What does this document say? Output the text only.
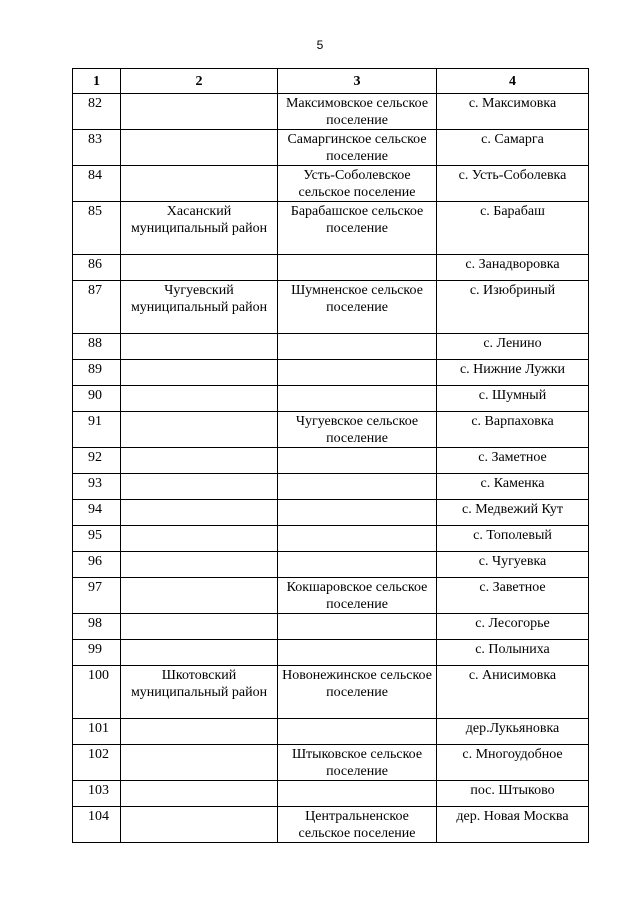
5
1	2	3	4

82		Максимовское сельское поселение	с. Максимовка

83		Самаргинское сельское поселение	с. Самарга

84		Усть-Соболевское сельское поселение	с. Усть-Соболевка

85	Хасанский муниципальный район	Барабашское сельское поселение	с. Барабаш

86			с. Занадворовка

87	Чугуевский муниципальный район	Шумненское сельское поселение	с. Изюбриный

88			с. Ленино

89			с. Нижние Лужки

90			с. Шумный

91		Чугуевское сельское поселение	с. Варпаховка

92			с. Заметное

93			с. Каменка

94			с. Медвежий Кут

95			с. Тополевый

96			с. Чугуевка

97		Кокшаровское сельское поселение	с. Заветное

98			с. Лесогорье

99			с. Полыниха

100	Шкотовский муниципальный район	Новонежинское сельское поселение	с. Анисимовка

101			дер.Лукьяновка

102		Штыковское сельское поселение	с. Многоудобное

103			пос. Штыково

104		Центральненское сельское поселение	дер. Новая Москва
